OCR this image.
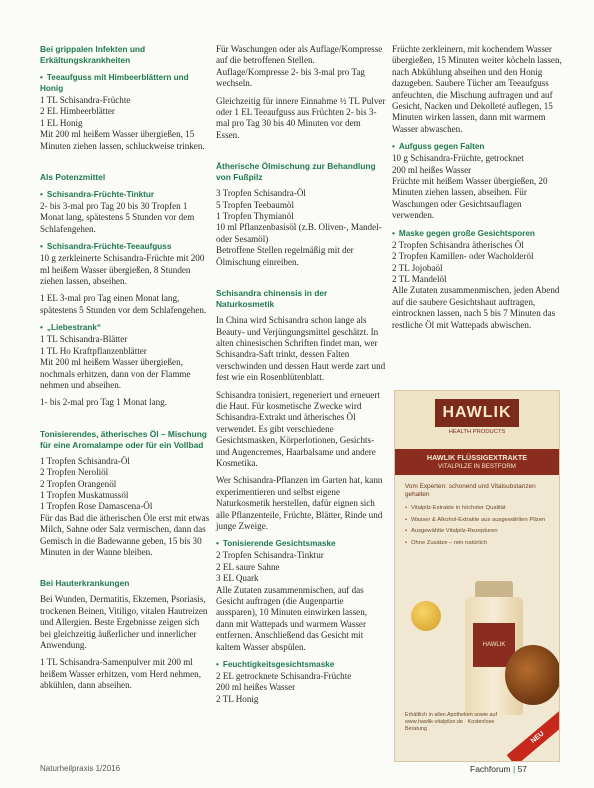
Bei grippalen Infekten und Erkältungskrankheiten
• Teeaufguss mit Himbeerblättern und Honig
1 TL Schisandra-Früchte
2 EL Himbeerblätter
1 EL Honig

Mit 200 ml heißem Wasser übergießen, 15 Minuten ziehen lassen, schluckweise trinken.

Als Potenzmittel
• Schisandra-Früchte-Tinktur

2- bis 3-mal pro Tag 20 bis 30 Tropfen 1 Monat lang, spätestens 5 Stunden vor dem Schlafengehen.

• Schisandra-Früchte-Teeaufguss

10 g zerkleinerte Schisandra-Früchte mit 200 ml heißem Wasser übergießen, 8 Stunden ziehen lassen, abseihen.

1 EL 3-mal pro Tag einen Monat lang, spätestens 5 Stunden vor dem Schlafengehen.

• „Liebestrank“
1 TL Schisandra-Blätter
1 TL Ho Kraftpflanzenblätter

Mit 200 ml heißem Wasser übergießen, nochmals erhitzen, dann von der Flamme nehmen und abseihen.

1- bis 2-mal pro Tag 1 Monat lang.

Tonisierendes, ätherisches Öl – Mischung für eine Aromalampe oder für ein Vollbad
1 Tropfen Schisandra-Öl
2 Tropfen Neroliöl
2 Tropfen Orangenöl
1 Tropfen Muskatnussöl
1 Tropfen Rose Damascena-Öl

Für das Bad die ätherischen Öle erst mit etwas Milch, Sahne oder Salz vermischen, dann das Gemisch in die Badewanne geben, 15 bis 30 Minuten in der Wanne bleiben.

Bei Hauterkrankungen

Bei Wunden, Dermatitis, Ekzemen, Psoriasis, trockenen Beinen, Vitiligo, vitalen Hautreizen und Allergien. Beste Ergebnisse zeigen sich bei gleichzeitig äußerlicher und innerlicher Anwendung.

1 TL Schisandra-Samenpulver mit 200 ml heißem Wasser erhitzen, vom Herd nehmen, abkühlen, dann abseihen.

Für Waschungen oder als Auflage/Kompresse auf die betroffenen Stellen. Auflage/Kompresse 2- bis 3-mal pro Tag wechseln.

Gleichzeitig für innere Einnahme ½ TL Pulver oder 1 EL Teeaufguss aus Früchten 2- bis 3-mal pro Tag 30 bis 40 Minuten vor dem Essen.

Ätherische Ölmischung zur Behandlung von Fußpilz
3 Tropfen Schisandra-Öl
5 Tropfen Teebaumöl
1 Tropfen Thymianöl
10 ml Pflanzenbasisöl (z.B. Oliven-, Mandel- oder Sesamöl)

Betroffene Stellen regelmäßig mit der Ölmischung einreiben.

Schisandra chinensis in der Naturkosmetik

In China wird Schisandra schon lange als Beauty- und Verjüngungsmittel geschätzt. In alten chinesischen Schriften findet man, wer Schisandra-Saft trinkt, dessen Falten verschwinden und dessen Haut werde zart und fest wie ein Rosenblütenblatt.

Schisandra tonisiert, regeneriert und erneuert die Haut. Für kosmetische Zwecke wird Schisandra-Extrakt und ätherisches Öl verwendet. Es gibt verschiedene Gesichtsmasken, Körperlotionen, Gesichts- und Augencremes, Haarbalsame und andere Kosmetika.

Wer Schisandra-Pflanzen im Garten hat, kann experimentieren und selbst eigene Naturkosmetik herstellen, dafür eignen sich alle Pflanzenteile, Früchte, Blätter, Rinde und junge Zweige.

• Tonisierende Gesichtsmaske
2 Tropfen Schisandra-Tinktur
2 EL saure Sahne
3 EL Quark

Alle Zutaten zusammenmischen, auf das Gesicht auftragen (die Augenpartie aussparen), 10 Minuten einwirken lassen, dann mit Wattepads und warmem Wasser entfernen. Anschließend das Gesicht mit kaltem Wasser abspülen.

• Feuchtigkeitsgesichtsmaske
2 EL getrocknete Schisandra-Früchte
200 ml heißes Wasser
2 TL Honig

Früchte zerkleinern, mit kochendem Wasser übergießen, 15 Minuten weiter köcheln lassen, nach Abkühlung abseihen und den Honig dazugeben. Saubere Tücher am Teeaufguss anfeuchten, die Mischung auftragen und auf Gesicht, Nacken und Dekolleté auflegen, 15 Minuten wirken lassen, dann mit warmem Wasser abwaschen.

• Aufguss gegen Falten
10 g Schisandra-Früchte, getrocknet
200 ml heißes Wasser

Früchte mit heißem Wasser übergießen, 20 Minuten ziehen lassen, abseihen. Für Waschungen oder Gesichtsauflagen verwenden.

• Maske gegen große Gesichtsporen
2 Tropfen Schisandra ätherisches Öl
2 Tropfen Kamillen- oder Wacholderöl
2 TL Jojobaöl
2 TL Mandelöl

Alle Zutaten zusammenmischen, jeden Abend auf die saubere Gesichtshaut auftragen, eintrocknen lassen, nach 5 bis 7 Minuten das restliche Öl mit Wattepads abwischen.

HAWLIK
HEALTH PRODUCTS
HAWLIK FLÜSSIGEXTRAKTE
VITALPILZE IN BESTFORM
Vom Experten: schonend und Vitalsubstanzen gehalten
• Vitalpilz-Extrakte in höchster Qualität
• Wasser & Alkohol-Extrakte aus ausgewählten Pilzen
• Ausgewählte Vitalpilz-Rezepturen
• Ohne Zusätze – rein natürlich
HAWLIK
Erhältlich in allen Apotheken sowie auf www.hawlik-vitalpilze.de · Kostenlose Beratung
NEU
Naturheilpraxis 1/2016	Fachforum | 57
